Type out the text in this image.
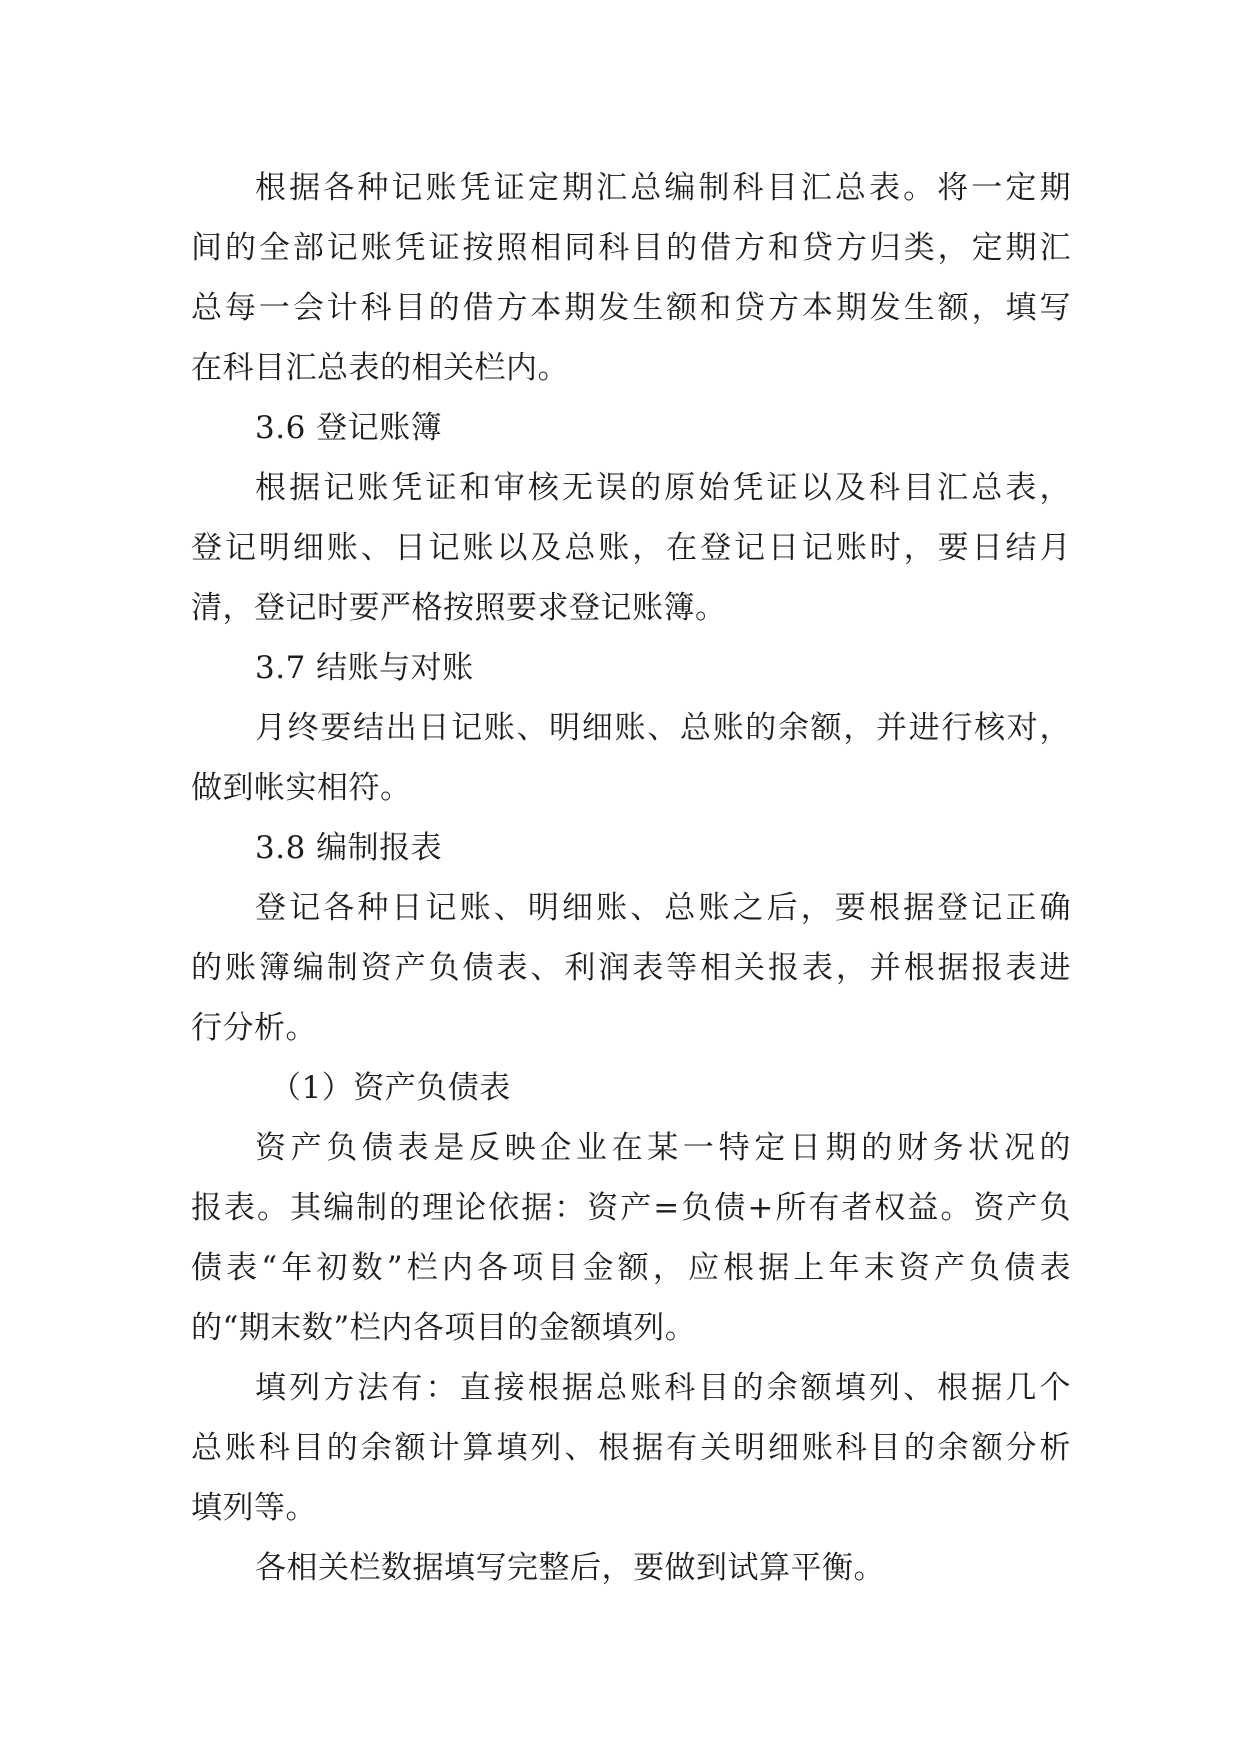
根据各种记账凭证定期汇总编制科目汇总表。将一定期
间的全部记账凭证按照相同科目的借方和贷方归类，定期汇
总每一会计科目的借方本期发生额和贷方本期发生额，填写
在科目汇总表的相关栏内。
3.6 登记账簿
根据记账凭证和审核无误的原始凭证以及科目汇总表，
登记明细账、日记账以及总账，在登记日记账时，要日结月
清，登记时要严格按照要求登记账簿。
3.7 结账与对账
月终要结出日记账、明细账、总账的余额，并进行核对，
做到帐实相符。
3.8 编制报表
登记各种日记账、明细账、总账之后，要根据登记正确
的账簿编制资产负债表、利润表等相关报表，并根据报表进
行分析。
（1）资产负债表
资产负债表是反映企业在某一特定日期的财务状况的
报表。其编制的理论依据：资产=负债+所有者权益。资产负
债表“年初数”栏内各项目金额，应根据上年末资产负债表
的“期末数”栏内各项目的金额填列。
填列方法有：直接根据总账科目的余额填列、根据几个
总账科目的余额计算填列、根据有关明细账科目的余额分析
填列等。
各相关栏数据填写完整后，要做到试算平衡。
